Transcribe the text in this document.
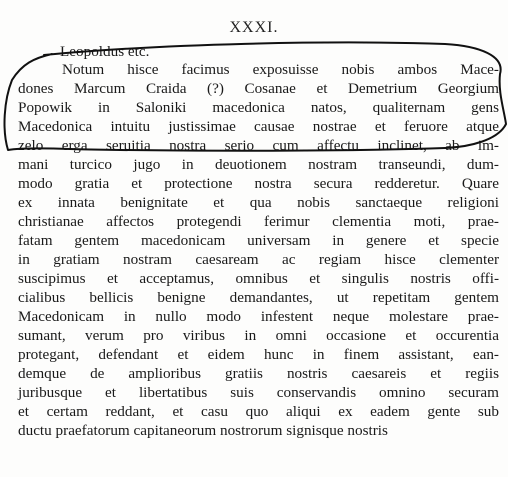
XXXI.
Leopoldus etc.
Notum hisce facimus exposuisse nobis ambos Mace-
dones Marcum Craida (?) Cosanae et Demetrium Georgium
Popowik in Saloniki macedonica natos, qualiternam gens
Macedonica intuitu justissimae causae nostrae et feruore atque
zelo erga seruitia nostra serio cum affectu inclinet, ab im-
mani turcico jugo in deuotionem nostram transeundi, dum-
modo gratia et protectione nostra secura redderetur. Quare
ex innata benignitate et qua nobis sanctaeque religioni
christianae affectos protegendi ferimur clementia moti, prae-
fatam gentem macedonicam universam in genere et specie
in gratiam nostram caesaream ac regiam hisce clementer
suscipimus et acceptamus, omnibus et singulis nostris offi-
cialibus bellicis benigne demandantes, ut repetitam gentem
Macedonicam in nullo modo infestent neque molestare prae-
sumant, verum pro viribus in omni occasione et occurentia
protegant, defendant et eidem hunc in finem assistant, ean-
demque de amplioribus gratiis nostris caesareis et regiis
juribusque et libertatibus suis conservandis omnino securam
et certam reddant, et casu quo aliqui ex eadem gente sub
ductu praefatorum capitaneorum nostrorum signisque nostris
